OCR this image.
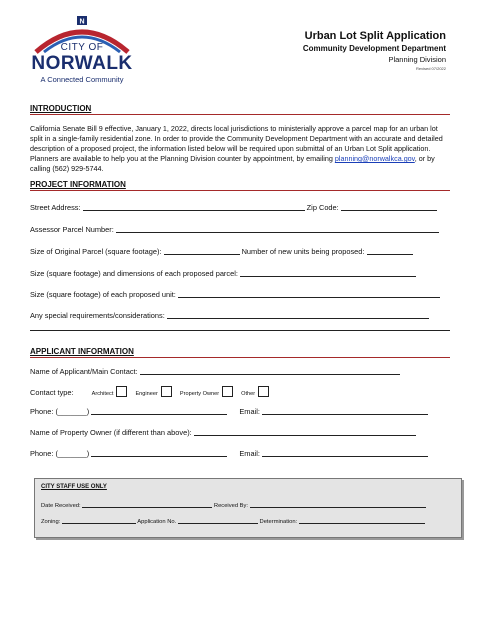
N
CITY OF
NORWALK
A Connected Community
Urban Lot Split Application
Community Development Department
Planning Division
Revised 07/2022
INTRODUCTION
California Senate Bill 9 effective, January 1, 2022, directs local jurisdictions to ministerially approve a parcel map for an urban lot split in a single-family residential zone. In order to provide the Community Development Department with an accurate and detailed description of a proposed project, the information listed below will be required upon submittal of an Urban Lot Split application. Planners are available to help you at the Planning Division counter by appointment, by emailing planning@norwalkca.gov, or by calling (562) 929-5744.
PROJECT INFORMATION
Street Address:	Zip Code:
Assessor Parcel Number:
Size of Original Parcel (square footage):	Number of new units being proposed:
Size (square footage) and dimensions of each proposed parcel:
Size (square footage) of each proposed unit:
Any special requirements/considerations:
APPLICANT INFORMATION
Name of Applicant/Main Contact:
Contact type:	Architect	Engineer	Property Owner	Other
Phone: (_______)	Email:
Name of Property Owner (if different than above):
Phone: (_______)	Email:
CITY STAFF USE ONLY
Date Received:	Received By:
Zoning:	Application No.	Determination:
